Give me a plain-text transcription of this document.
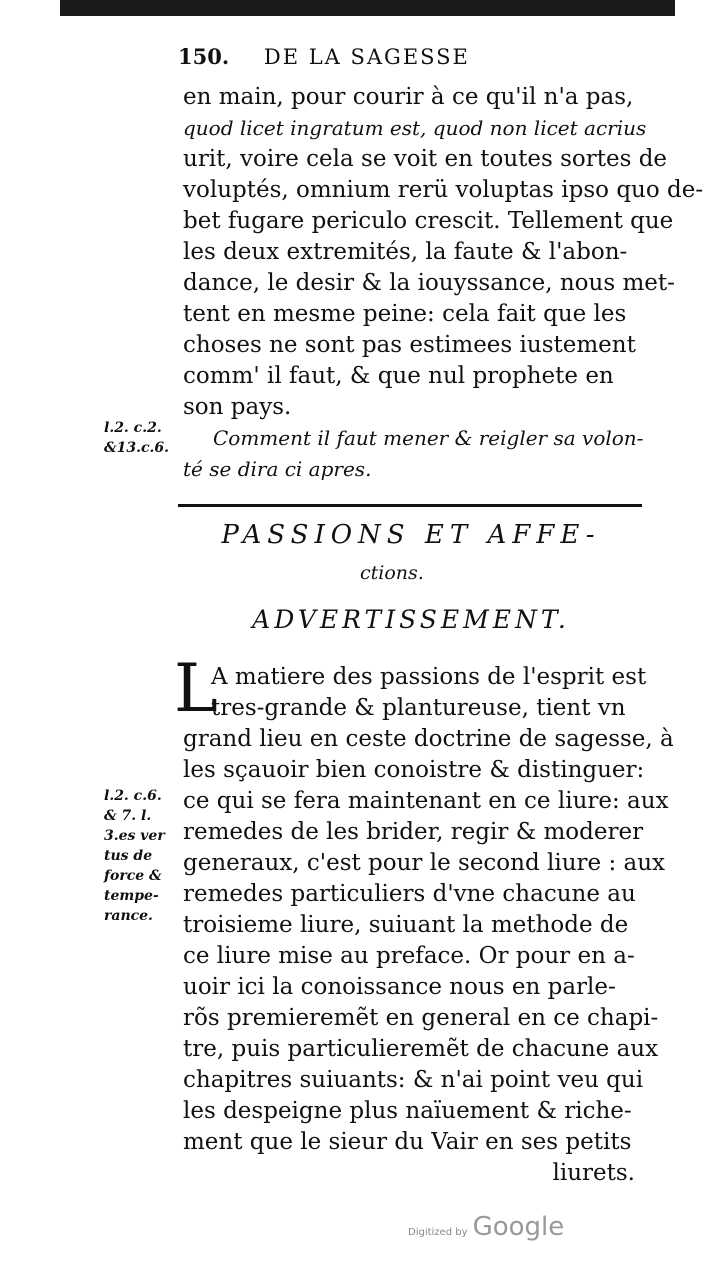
150. DE LA SAGESSE
en main, pour courir à ce qu'il n'a pas,
quod licet ingratum est, quod non licet acrius
urit, voire cela se voit en toutes sortes de
voluptés, omnium rerü voluptas ipso quo de-
bet fugare periculo crescit. Tellement que
les deux extremités, la faute & l'abon-
dance, le desir & la iouyssance, nous met-
tent en mesme peine: cela fait que les
choses ne sont pas estimees iustement
comm' il faut, & que nul prophete en
son pays.
Comment il faut mener & reigler sa volon-
té se dira ci apres.
l.2. c.2.
&13.c.6.
PASSIONS ET AFFE-
ctions.
ADVERTISSEMENT.
L
A matiere des passions de l'esprit est
tres-grande & plantureuse, tient vn
grand lieu en ceste doctrine de sagesse, à
les sçauoir bien conoistre & distinguer:
ce qui se fera maintenant en ce liure: aux
remedes de les brider, regir & moderer
generaux, c'est pour le second liure : aux
remedes particuliers d'vne chacune au
troisieme liure, suiuant la methode de
ce liure mise au preface. Or pour en a-
uoir ici la conoissance nous en parle-
rõs premieremẽt en general en ce chapi-
tre, puis particulieremẽt de chacune aux
chapitres suiuants: & n'ai point veu qui
les despeigne plus naïuement & riche-
ment que le sieur du Vair en ses petits
liurets.
l.2. c.6.
& 7. l.
3.es ver
tus de
force &
tempe-
rance.
Digitized by Google
